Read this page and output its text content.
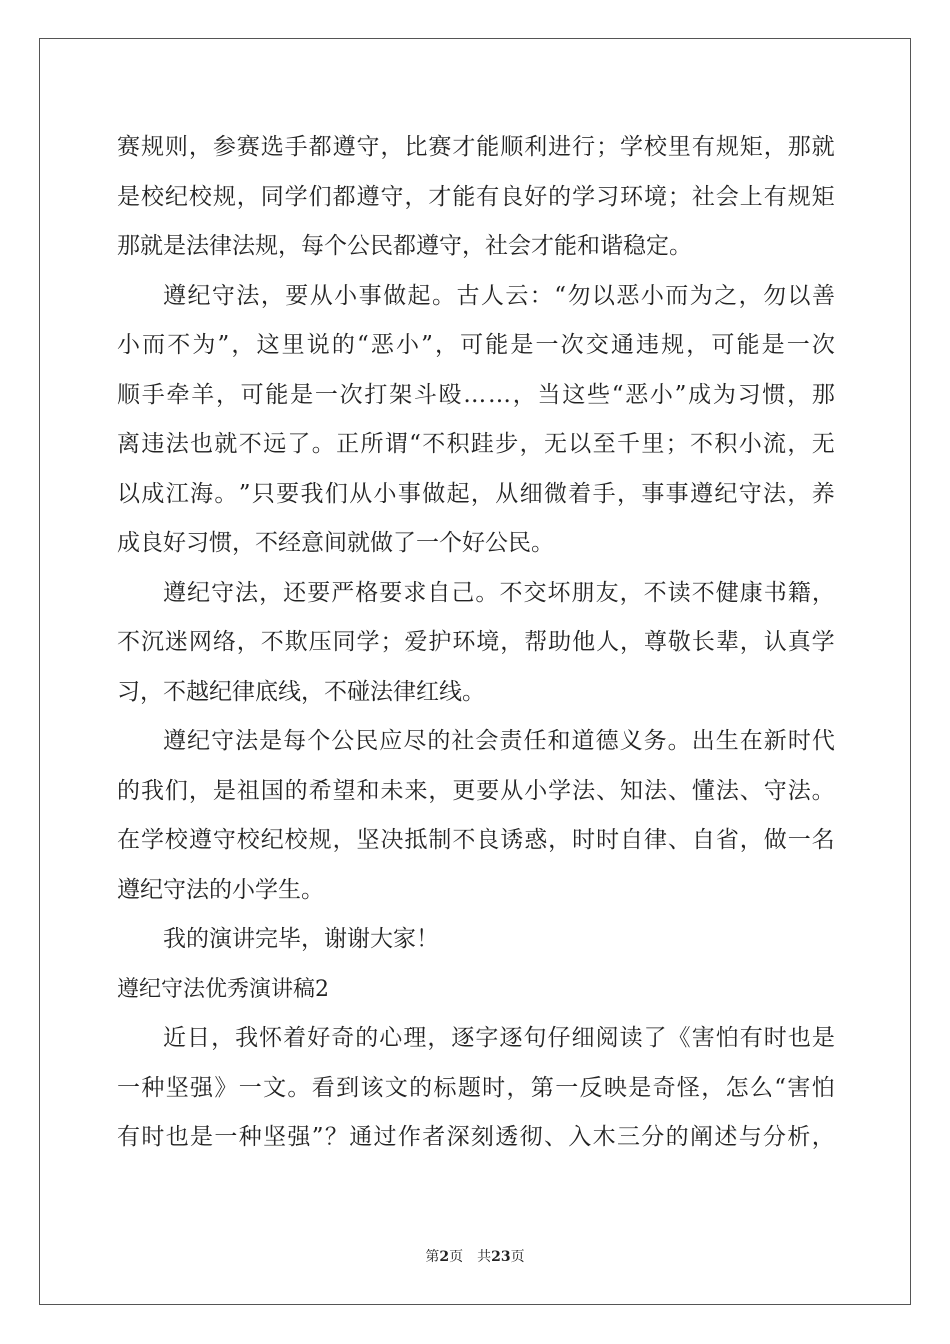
赛 规 则 ， 参 赛 选 手 都 遵 守 ， 比 赛 才 能 顺 利 进 行 ； 学 校 里 有 规 矩 ， 那 就
是 校 纪 校 规 ， 同 学 们 都 遵 守 ， 才 能 有 良 好 的 学 习 环 境 ； 社 会 上 有 规 矩
那就是法律法规，每个公民都遵守，社会才能和谐稳定。
遵 纪 守 法 ， 要 从 小 事 做 起 。 古 人 云 ： “ 勿 以 恶 小 而 为 之 ， 勿 以 善
小 而 不 为 ” ， 这 里 说 的 “ 恶 小 ” ， 可 能 是 一 次 交 通 违 规 ， 可 能 是 一 次
顺 手 牵 羊 ， 可 能 是 一 次 打 架 斗 殴 … … ， 当 这 些 “ 恶 小 ” 成 为 习 惯 ， 那
离 违 法 也 就 不 远 了 。 正 所 谓 “ 不 积 跬 步 ， 无 以 至 千 里 ； 不 积 小 流 ， 无
以 成 江 海 。 ” 只 要 我 们 从 小 事 做 起 ， 从 细 微 着 手 ， 事 事 遵 纪 守 法 ， 养
成良好习惯，不经意间就做了一个好公民。
遵 纪 守 法 ， 还 要 严 格 要 求 自 己 。 不 交 坏 朋 友 ， 不 读 不 健 康 书 籍 ，
不 沉 迷 网 络 ， 不 欺 压 同 学 ； 爱 护 环 境 ， 帮 助 他 人 ， 尊 敬 长 辈 ， 认 真 学
习，不越纪律底线，不碰法律红线。
遵 纪 守 法 是 每 个 公 民 应 尽 的 社 会 责 任 和 道 德 义 务 。 出 生 在 新 时 代
的 我 们 ， 是 祖 国 的 希 望 和 未 来 ， 更 要 从 小 学 法 、 知 法 、 懂 法 、 守 法 。
在 学 校 遵 守 校 纪 校 规 ， 坚 决 抵 制 不 良 诱 惑 ， 时 时 自 律 、 自 省 ， 做 一 名
遵纪守法的小学生。
我的演讲完毕，谢谢大家！
遵纪守法优秀演讲稿2
近 日 ， 我 怀 着 好 奇 的 心 理 ， 逐 字 逐 句 仔 细 阅 读 了 《 害 怕 有 时 也 是
一 种 坚 强 》 一 文 。 看 到 该 文 的 标 题 时 ， 第 一 反 映 是 奇 怪 ， 怎 么 “ 害 怕
有 时 也 是 一 种 坚 强 ” ？ 通 过 作 者 深 刻 透 彻 、 入 木 三 分 的 阐 述 与 分 析 ，
第2页 共23页
